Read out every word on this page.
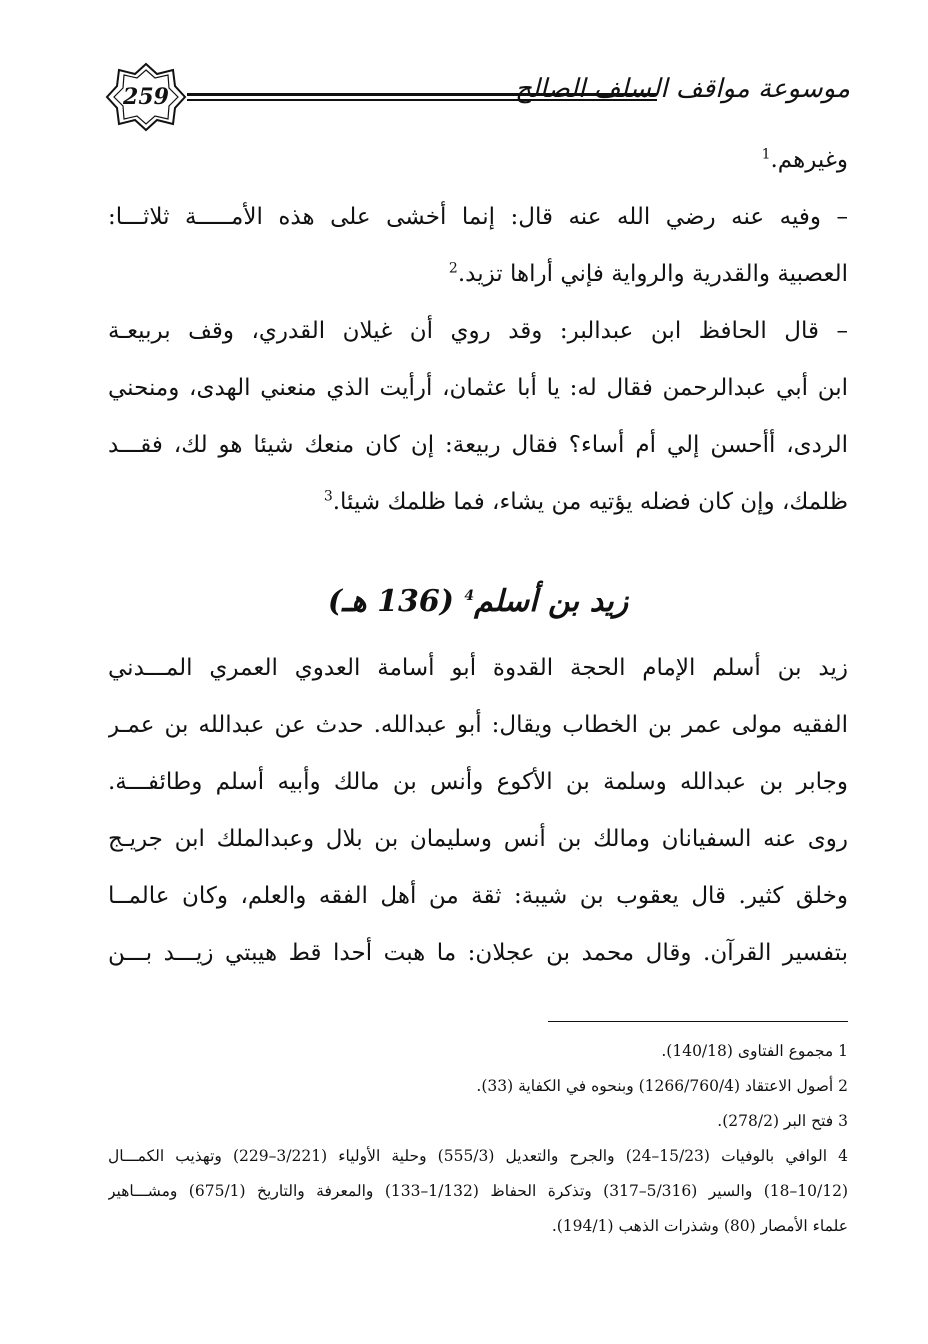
259	موسوعة مواقف السلف الصالح
وغيرهم.$^1$
– وفيه عنه رضي الله عنه قال: إنما أخشى على هذه الأمـــــة ثلاثـــا:
العصبية والقدرية والرواية فإني أراها تزيد.$^2$
– قال الحافظ ابن عبدالبر: وقد روي أن غيلان القدري، وقف بربيعـة
ابن أبي عبدالرحمن فقال له: يا أبا عثمان، أرأيت الذي منعني الهدى، ومنحني
الردى، أأحسن إلي أم أساء؟ فقال ربيعة: إن كان منعك شيئا هو لك، فقـــد
ظلمك، وإن كان فضله يؤتيه من يشاء، فما ظلمك شيئا.$^3$
زيد بن أسلم$^4$ (136 هـ)
زيد بن أسلم الإمام الحجة القدوة أبو أسامة العدوي العمري المـــدني
الفقيه مولى عمر بن الخطاب ويقال: أبو عبدالله. حدث عن عبدالله بن عمـر
وجابر بن عبدالله وسلمة بن الأكوع وأنس بن مالك وأبيه أسلم وطائفـــة.
روى عنه السفيانان ومالك بن أنس وسليمان بن بلال وعبدالملك ابن جريـج
وخلق كثير. قال يعقوب بن شيبة: ثقة من أهل الفقه والعلم، وكان عالمــا
بتفسير القرآن. وقال محمد بن عجلان: ما هبت أحدا قط هيبتي زيـــد بـــن
1 مجموع الفتاوى (140/18).
2 أصول الاعتقاد (1266/760/4) وبنحوه في الكفاية (33).
3 فتح البر (278/2).
4 الوافي بالوفيات (15/23–24) والجرح والتعديل (555/3) وحلية الأولياء (3/221–229) وتهذيب الكمـــال
(10/12–18) والسير (5/316–317) وتذكرة الحفاظ (1/132–133) والمعرفة والتاريخ (675/1) ومشـــاهير
علماء الأمصار (80) وشذرات الذهب (194/1).
